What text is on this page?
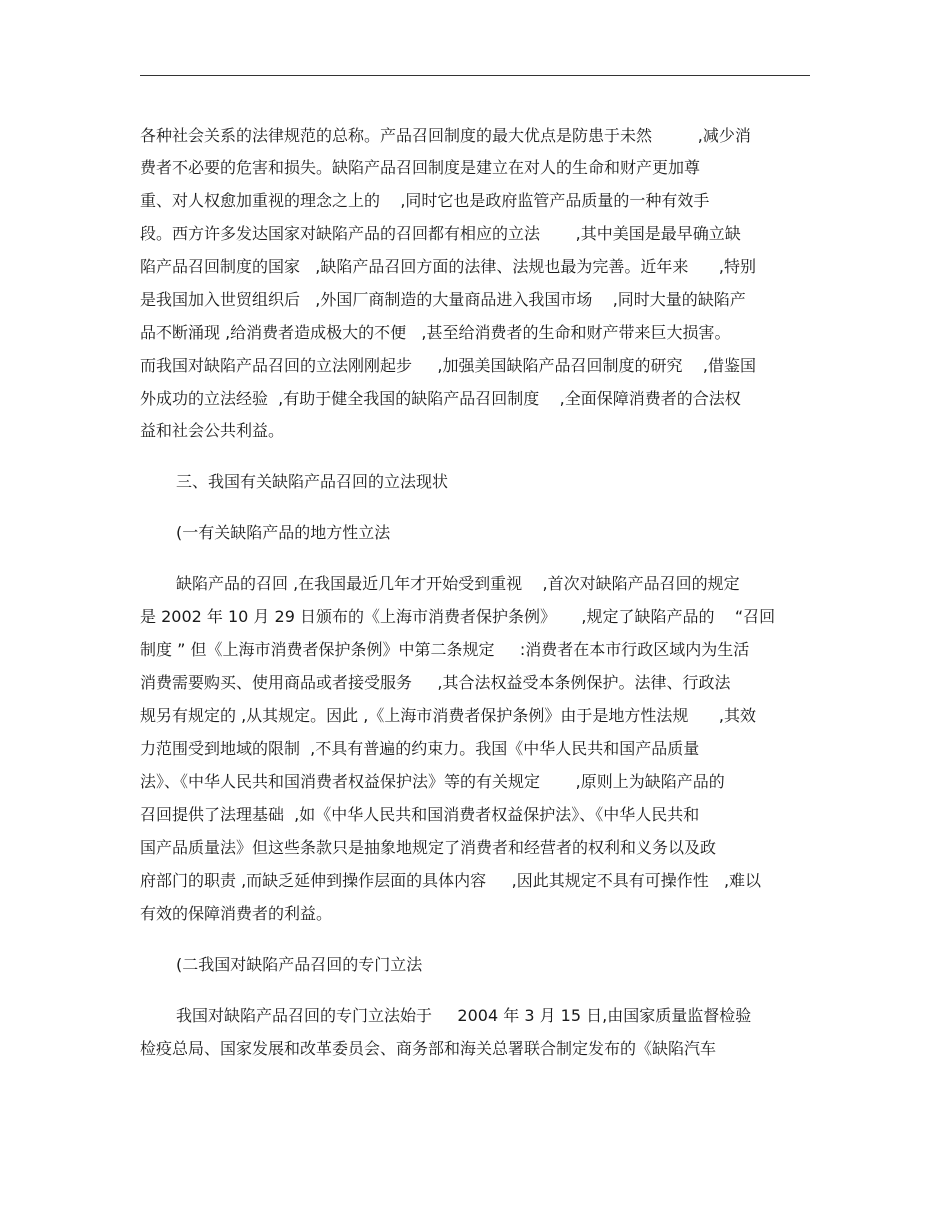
各种社会关系的法律规范的总称。产品召回制度的最大优点是防患于未然         ,减少消
费者不必要的危害和损失。缺陷产品召回制度是建立在对人的生命和财产更加尊
重、对人权愈加重视的理念之上的    ,同时它也是政府监管产品质量的一种有效手
段。西方许多发达国家对缺陷产品的召回都有相应的立法       ,其中美国是最早确立缺
陷产品召回制度的国家   ,缺陷产品召回方面的法律、法规也最为完善。近年来      ,特别
是我国加入世贸组织后   ,外国厂商制造的大量商品进入我国市场    ,同时大量的缺陷产
品不断涌现 ,给消费者造成极大的不便   ,甚至给消费者的生命和财产带来巨大损害。
而我国对缺陷产品召回的立法刚刚起步     ,加强美国缺陷产品召回制度的研究    ,借鉴国
外成功的立法经验  ,有助于健全我国的缺陷产品召回制度    ,全面保障消费者的合法权
益和社会公共利益。
三、我国有关缺陷产品召回的立法现状
(一有关缺陷产品的地方性立法
缺陷产品的召回 ,在我国最近几年才开始受到重视    ,首次对缺陷产品召回的规定
是 2002 年 10 月 29 日颁布的《上海市消费者保护条例》     ,规定了缺陷产品的    “召回
制度 ” 但《上海市消费者保护条例》中第二条规定     :消费者在本市行政区域内为生活
消费需要购买、使用商品或者接受服务     ,其合法权益受本条例保护。法律、行政法
规另有规定的 ,从其规定。因此 ,《上海市消费者保护条例》由于是地方性法规      ,其效
力范围受到地域的限制  ,不具有普遍的约束力。我国《中华人民共和国产品质量
法》、《中华人民共和国消费者权益保护法》等的有关规定       ,原则上为缺陷产品的
召回提供了法理基础  ,如《中华人民共和国消费者权益保护法》、《中华人民共和
国产品质量法》但这些条款只是抽象地规定了消费者和经营者的权利和义务以及政
府部门的职责 ,而缺乏延伸到操作层面的具体内容     ,因此其规定不具有可操作性   ,难以
有效的保障消费者的利益。
(二我国对缺陷产品召回的专门立法
我国对缺陷产品召回的专门立法始于     2004 年 3 月 15 日,由国家质量监督检验
检疫总局、国家发展和改革委员会、商务部和海关总署联合制定发布的《缺陷汽车
